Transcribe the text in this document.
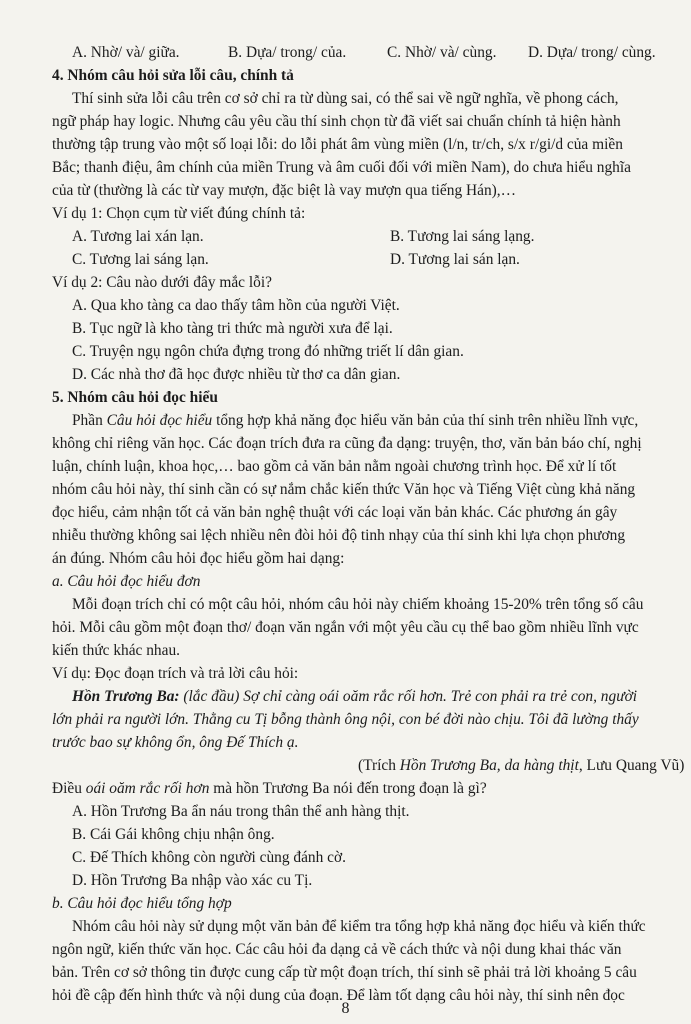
A. Nhờ/ và/ giữa.	B. Dựa/ trong/ của.	C. Nhờ/ và/ cùng. D. Dựa/ trong/ cùng.
4. Nhóm câu hỏi sửa lỗi câu, chính tả
Thí sinh sửa lỗi câu trên cơ sở chỉ ra từ dùng sai, có thể sai về ngữ nghĩa, về phong cách,
ngữ pháp hay logic. Nhưng câu yêu cầu thí sinh chọn từ đã viết sai chuẩn chính tả hiện hành
thường tập trung vào một số loại lỗi: do lỗi phát âm vùng miền (l/n, tr/ch, s/x r/gi/d của miền
Bắc; thanh điệu, âm chính của miền Trung và âm cuối đối với miền Nam), do chưa hiểu nghĩa
của từ (thường là các từ vay mượn, đặc biệt là vay mượn qua tiếng Hán),…
Ví dụ 1: Chọn cụm từ viết đúng chính tả:
A. Tương lai xán lạn.	B. Tương lai sáng lạng.
C. Tương lai sáng lạn.	D. Tương lai sán lạn.
Ví dụ 2: Câu nào dưới đây mắc lỗi?
A. Qua kho tàng ca dao thấy tâm hồn của người Việt.
B. Tục ngữ là kho tàng tri thức mà người xưa để lại.
C. Truyện ngụ ngôn chứa đựng trong đó những triết lí dân gian.
D. Các nhà thơ đã học được nhiều từ thơ ca dân gian.
5. Nhóm câu hỏi đọc hiểu
Phần Câu hỏi đọc hiểu tổng hợp khả năng đọc hiểu văn bản của thí sinh trên nhiều lĩnh vực,
không chỉ riêng văn học. Các đoạn trích đưa ra cũng đa dạng: truyện, thơ, văn bản báo chí, nghị
luận, chính luận, khoa học,… bao gồm cả văn bản nằm ngoài chương trình học. Để xử lí tốt
nhóm câu hỏi này, thí sinh cần có sự nắm chắc kiến thức Văn học và Tiếng Việt cùng khả năng
đọc hiểu, cảm nhận tốt cả văn bản nghệ thuật với các loại văn bản khác. Các phương án gây
nhiễu thường không sai lệch nhiều nên đòi hỏi độ tinh nhạy của thí sinh khi lựa chọn phương
án đúng. Nhóm câu hỏi đọc hiểu gồm hai dạng:
a. Câu hỏi đọc hiểu đơn
Mỗi đoạn trích chỉ có một câu hỏi, nhóm câu hỏi này chiếm khoảng 15-20% trên tổng số câu
hỏi. Mỗi câu gồm một đoạn thơ/ đoạn văn ngắn với một yêu cầu cụ thể bao gồm nhiều lĩnh vực
kiến thức khác nhau.
Ví dụ: Đọc đoạn trích và trả lời câu hỏi:
Hồn Trương Ba: (lắc đầu) Sợ chỉ càng oái oăm rắc rối hơn. Trẻ con phải ra trẻ con, người
lớn phải ra người lớn. Thằng cu Tị bỗng thành ông nội, con bé đời nào chịu. Tôi đã lường thấy
trước bao sự không ổn, ông Đế Thích ạ.
(Trích Hồn Trương Ba, da hàng thịt, Lưu Quang Vũ)
Điều oái oăm rắc rối hơn mà hồn Trương Ba nói đến trong đoạn là gì?
A. Hồn Trương Ba ẩn náu trong thân thể anh hàng thịt.
B. Cái Gái không chịu nhận ông.
C. Đế Thích không còn người cùng đánh cờ.
D. Hồn Trương Ba nhập vào xác cu Tị.
b. Câu hỏi đọc hiểu tổng hợp
Nhóm câu hỏi này sử dụng một văn bản để kiểm tra tổng hợp khả năng đọc hiểu và kiến thức
ngôn ngữ, kiến thức văn học. Các câu hỏi đa dạng cả về cách thức và nội dung khai thác văn
bản. Trên cơ sở thông tin được cung cấp từ một đoạn trích, thí sinh sẽ phải trả lời khoảng 5 câu
hỏi đề cập đến hình thức và nội dung của đoạn. Để làm tốt dạng câu hỏi này, thí sinh nên đọc
8
